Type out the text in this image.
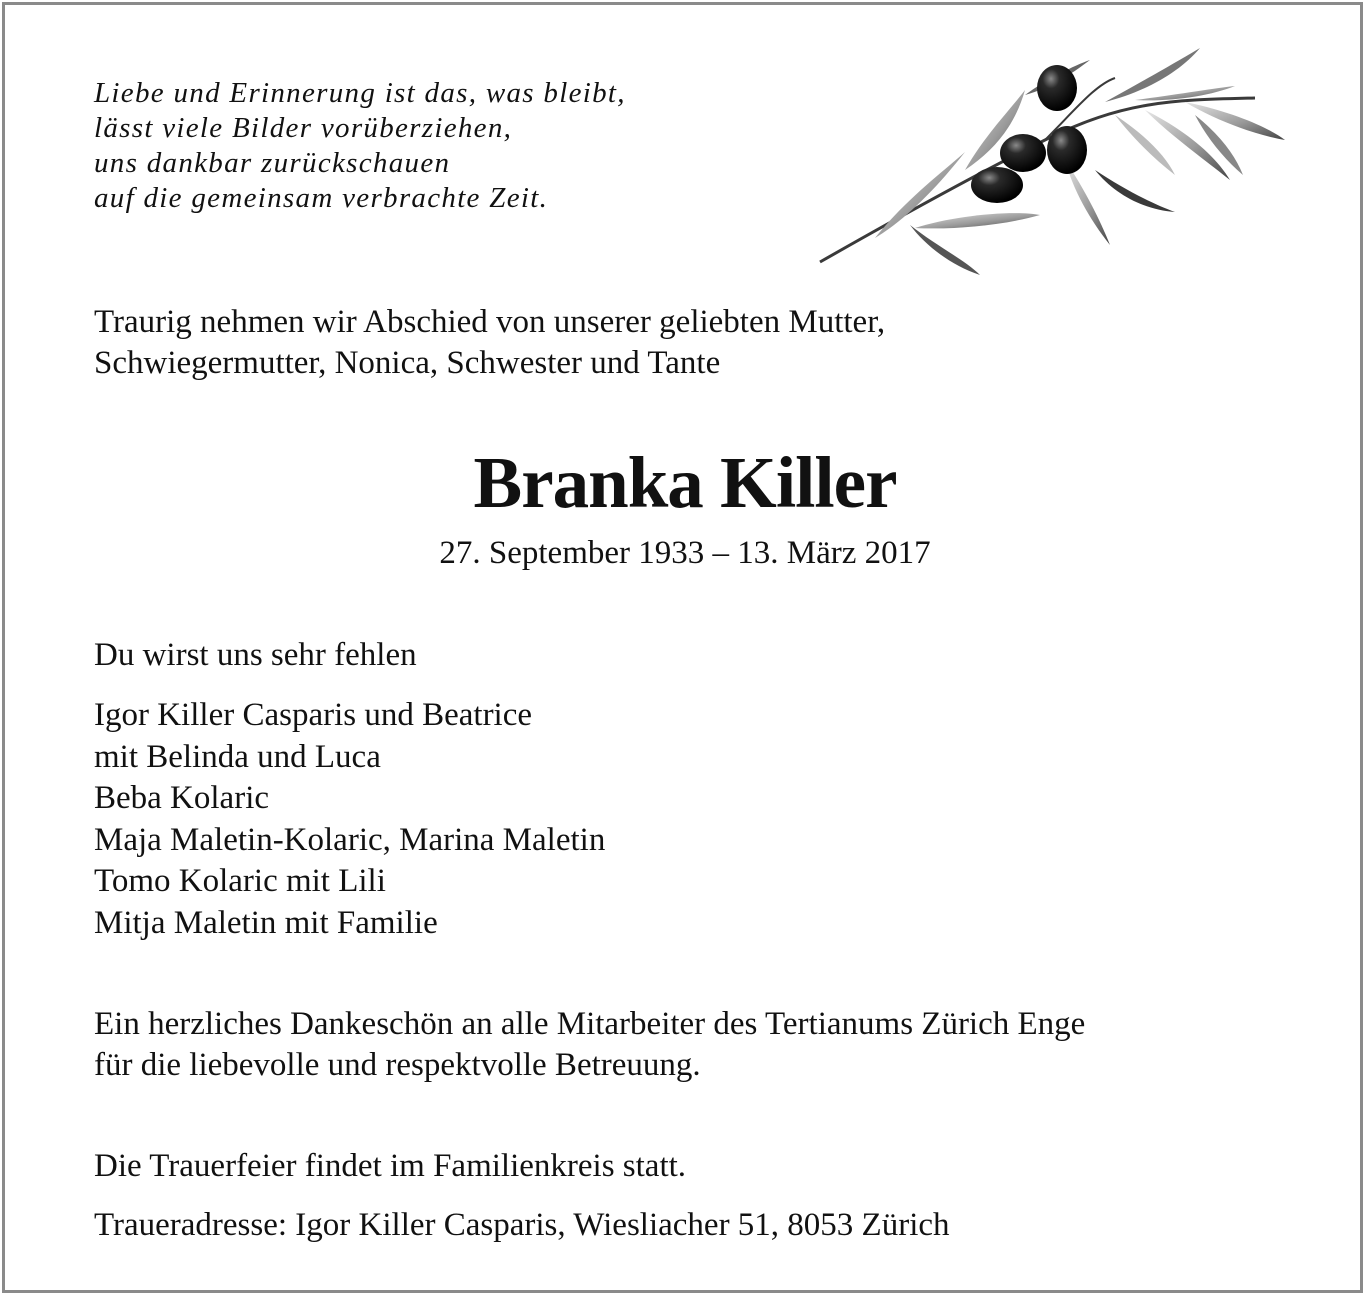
Liebe und Erinnerung ist das, was bleibt,
lässt viele Bilder vorüberziehen,
uns dankbar zurückschauen
auf die gemeinsam verbrachte Zeit.
Traurig nehmen wir Abschied von unserer geliebten Mutter,
Schwiegermutter, Nonica, Schwester und Tante
Branka Killer
27. September 1933 – 13. März 2017
Du wirst uns sehr fehlen
Igor Killer Casparis und Beatrice
mit Belinda und Luca
Beba Kolaric
Maja Maletin-Kolaric, Marina Maletin
Tomo Kolaric mit Lili
Mitja Maletin mit Familie
Ein herzliches Dankeschön an alle Mitarbeiter des Tertianums Zürich Enge
für die liebevolle und respektvolle Betreuung.
Die Trauerfeier findet im Familienkreis statt.
Traueradresse: Igor Killer Casparis, Wiesliacher 51, 8053 Zürich
